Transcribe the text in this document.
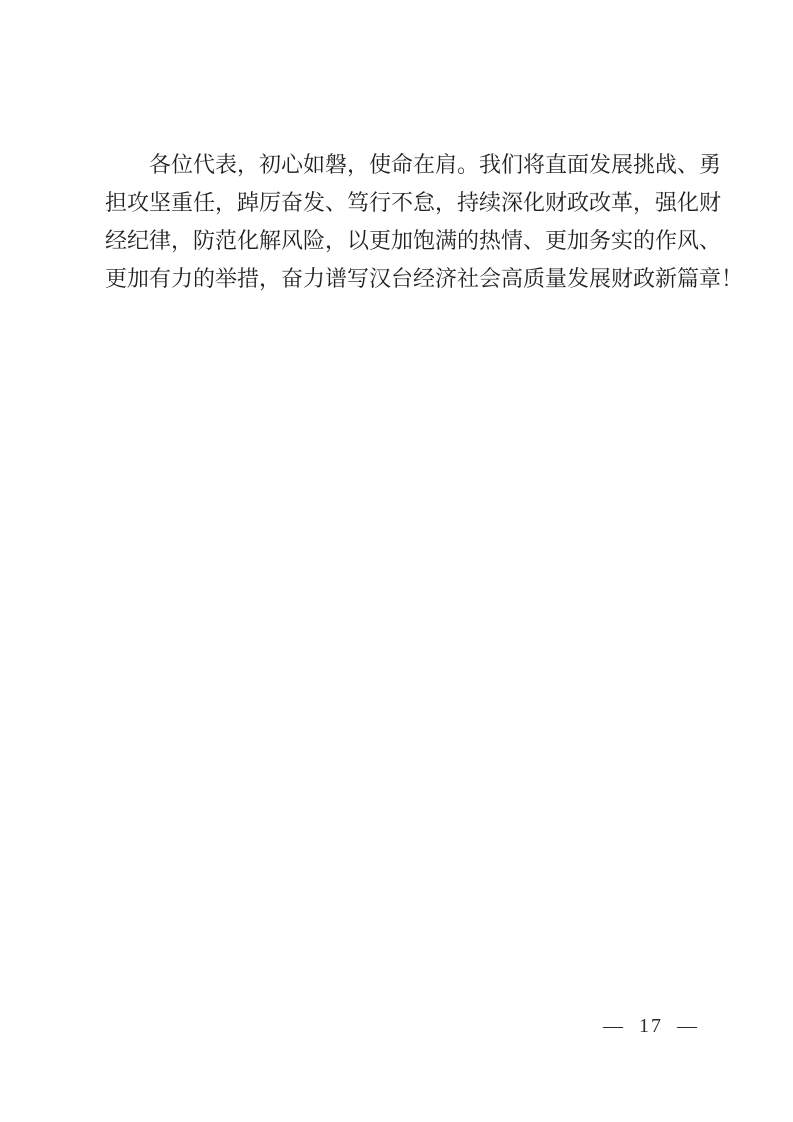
各位代表，初心如磐，使命在肩。我们将直面发展挑战、勇
担攻坚重任，踔厉奋发、笃行不怠，持续深化财政改革，强化财
经纪律，防范化解风险，以更加饱满的热情、更加务实的作风、
更加有力的举措，奋力谱写汉台经济社会高质量发展财政新篇章！
—  17  —
